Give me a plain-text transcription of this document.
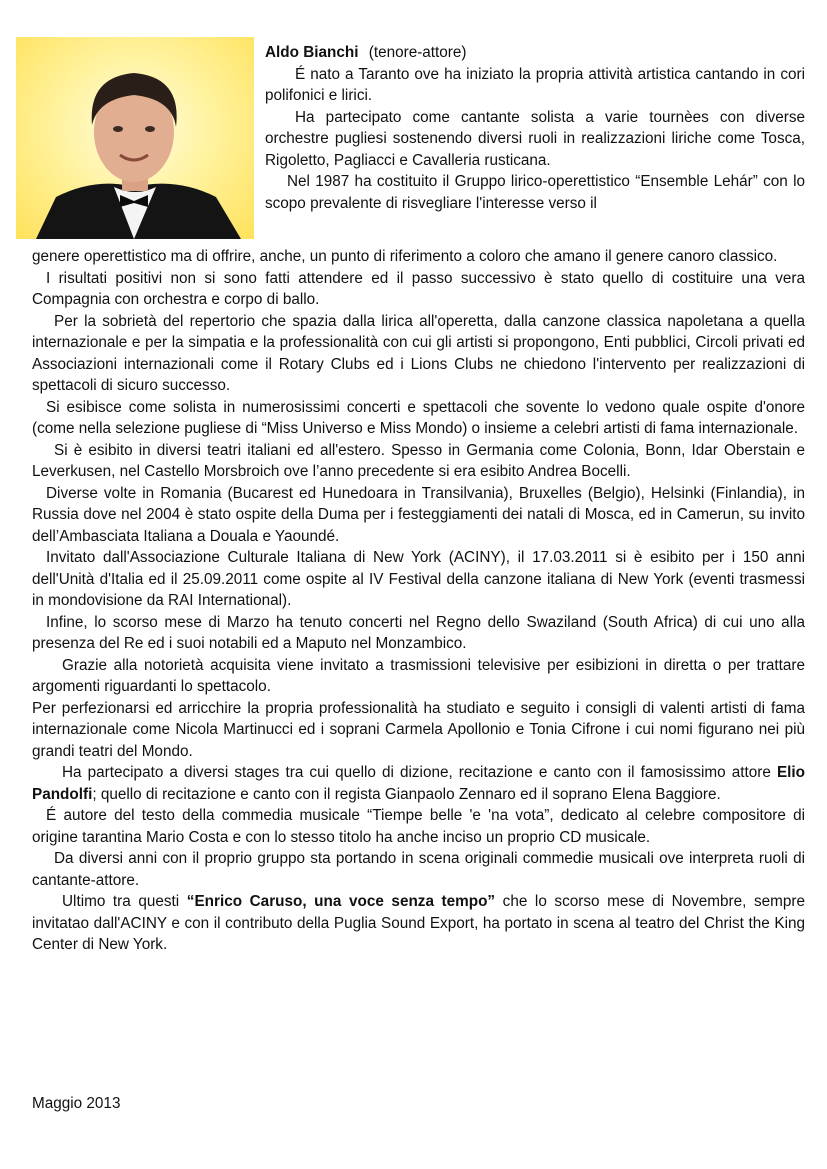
Aldo Bianchi (tenore-attore)

É nato a Taranto ove ha iniziato la propria attività artistica cantando in cori polifonici e lirici.

Ha partecipato come cantante solista a varie tournèes con diverse orchestre pugliesi sostenendo diversi ruoli in realizzazioni liriche come Tosca, Rigoletto, Pagliacci e Cavalleria rusticana.

Nel 1987 ha costituito il Gruppo lirico-operettistico “Ensemble Lehár” con lo scopo prevalente di risvegliare l'interesse verso il

genere operettistico ma di offrire, anche, un punto di riferimento a coloro che amano il genere canoro classico.

I risultati positivi non si sono fatti attendere ed il passo successivo è stato quello di costituire una vera Compagnia con orchestra e corpo di ballo.

Per la sobrietà del repertorio che spazia dalla lirica all'operetta, dalla canzone classica napoletana a quella internazionale e per la simpatia e la professionalità con cui gli artisti si propongono, Enti pubblici, Circoli privati ed Associazioni internazionali come il Rotary Clubs ed i Lions Clubs ne chiedono l'intervento per realizzazioni di spettacoli di sicuro successo.

Si esibisce come solista in numerosissimi concerti e spettacoli che sovente lo vedono quale ospite d'onore (come nella selezione pugliese di “Miss Universo e Miss Mondo) o insieme a celebri artisti di fama internazionale.

Si è esibito in diversi teatri italiani ed all'estero. Spesso in Germania come Colonia, Bonn, Idar Oberstain e Leverkusen, nel Castello Morsbroich ove l’anno precedente si era esibito Andrea Bocelli.

Diverse volte in Romania (Bucarest ed Hunedoara in Transilvania), Bruxelles (Belgio), Helsinki (Finlandia), in Russia dove nel 2004 è stato ospite della Duma per i festeggiamenti dei natali di Mosca, ed in Camerun, su invito dell’Ambasciata Italiana a Douala e Yaoundé.

Invitato dall'Associazione Culturale Italiana di New York (ACINY), il 17.03.2011 si è esibito per i 150 anni dell'Unità d'Italia ed il 25.09.2011 come ospite al IV Festival della canzone italiana di New York (eventi trasmessi in mondovisione da RAI International).

Infine, lo scorso mese di Marzo ha tenuto concerti nel Regno dello Swaziland (South Africa) di cui uno alla presenza del Re ed i suoi notabili ed a Maputo nel Monzambico.

Grazie alla notorietà acquisita viene invitato a trasmissioni televisive per esibizioni in diretta o per trattare argomenti riguardanti lo spettacolo.

Per perfezionarsi ed arricchire la propria professionalità ha studiato e seguito i consigli di valenti artisti di fama internazionale come Nicola Martinucci ed i soprani Carmela Apollonio e Tonia Cifrone i cui nomi figurano nei più grandi teatri del Mondo.

Ha partecipato a diversi stages tra cui quello di dizione, recitazione e canto con il famosissimo attore Elio Pandolfi; quello di recitazione e canto con il regista Gianpaolo Zennaro ed il soprano Elena Baggiore.

É autore del testo della commedia musicale “Tiempe belle 'e 'na vota”, dedicato al celebre compositore di origine tarantina Mario Costa e con lo stesso titolo ha anche inciso un proprio CD musicale.

Da diversi anni con il proprio gruppo sta portando in scena originali commedie musicali ove interpreta ruoli di cantante-attore.

Ultimo tra questi “Enrico Caruso, una voce senza tempo” che lo scorso mese di Novembre, sempre invitatao dall'ACINY e con il contributo della Puglia Sound Export, ha portato in scena al teatro del Christ the King Center di New York.

Maggio 2013
